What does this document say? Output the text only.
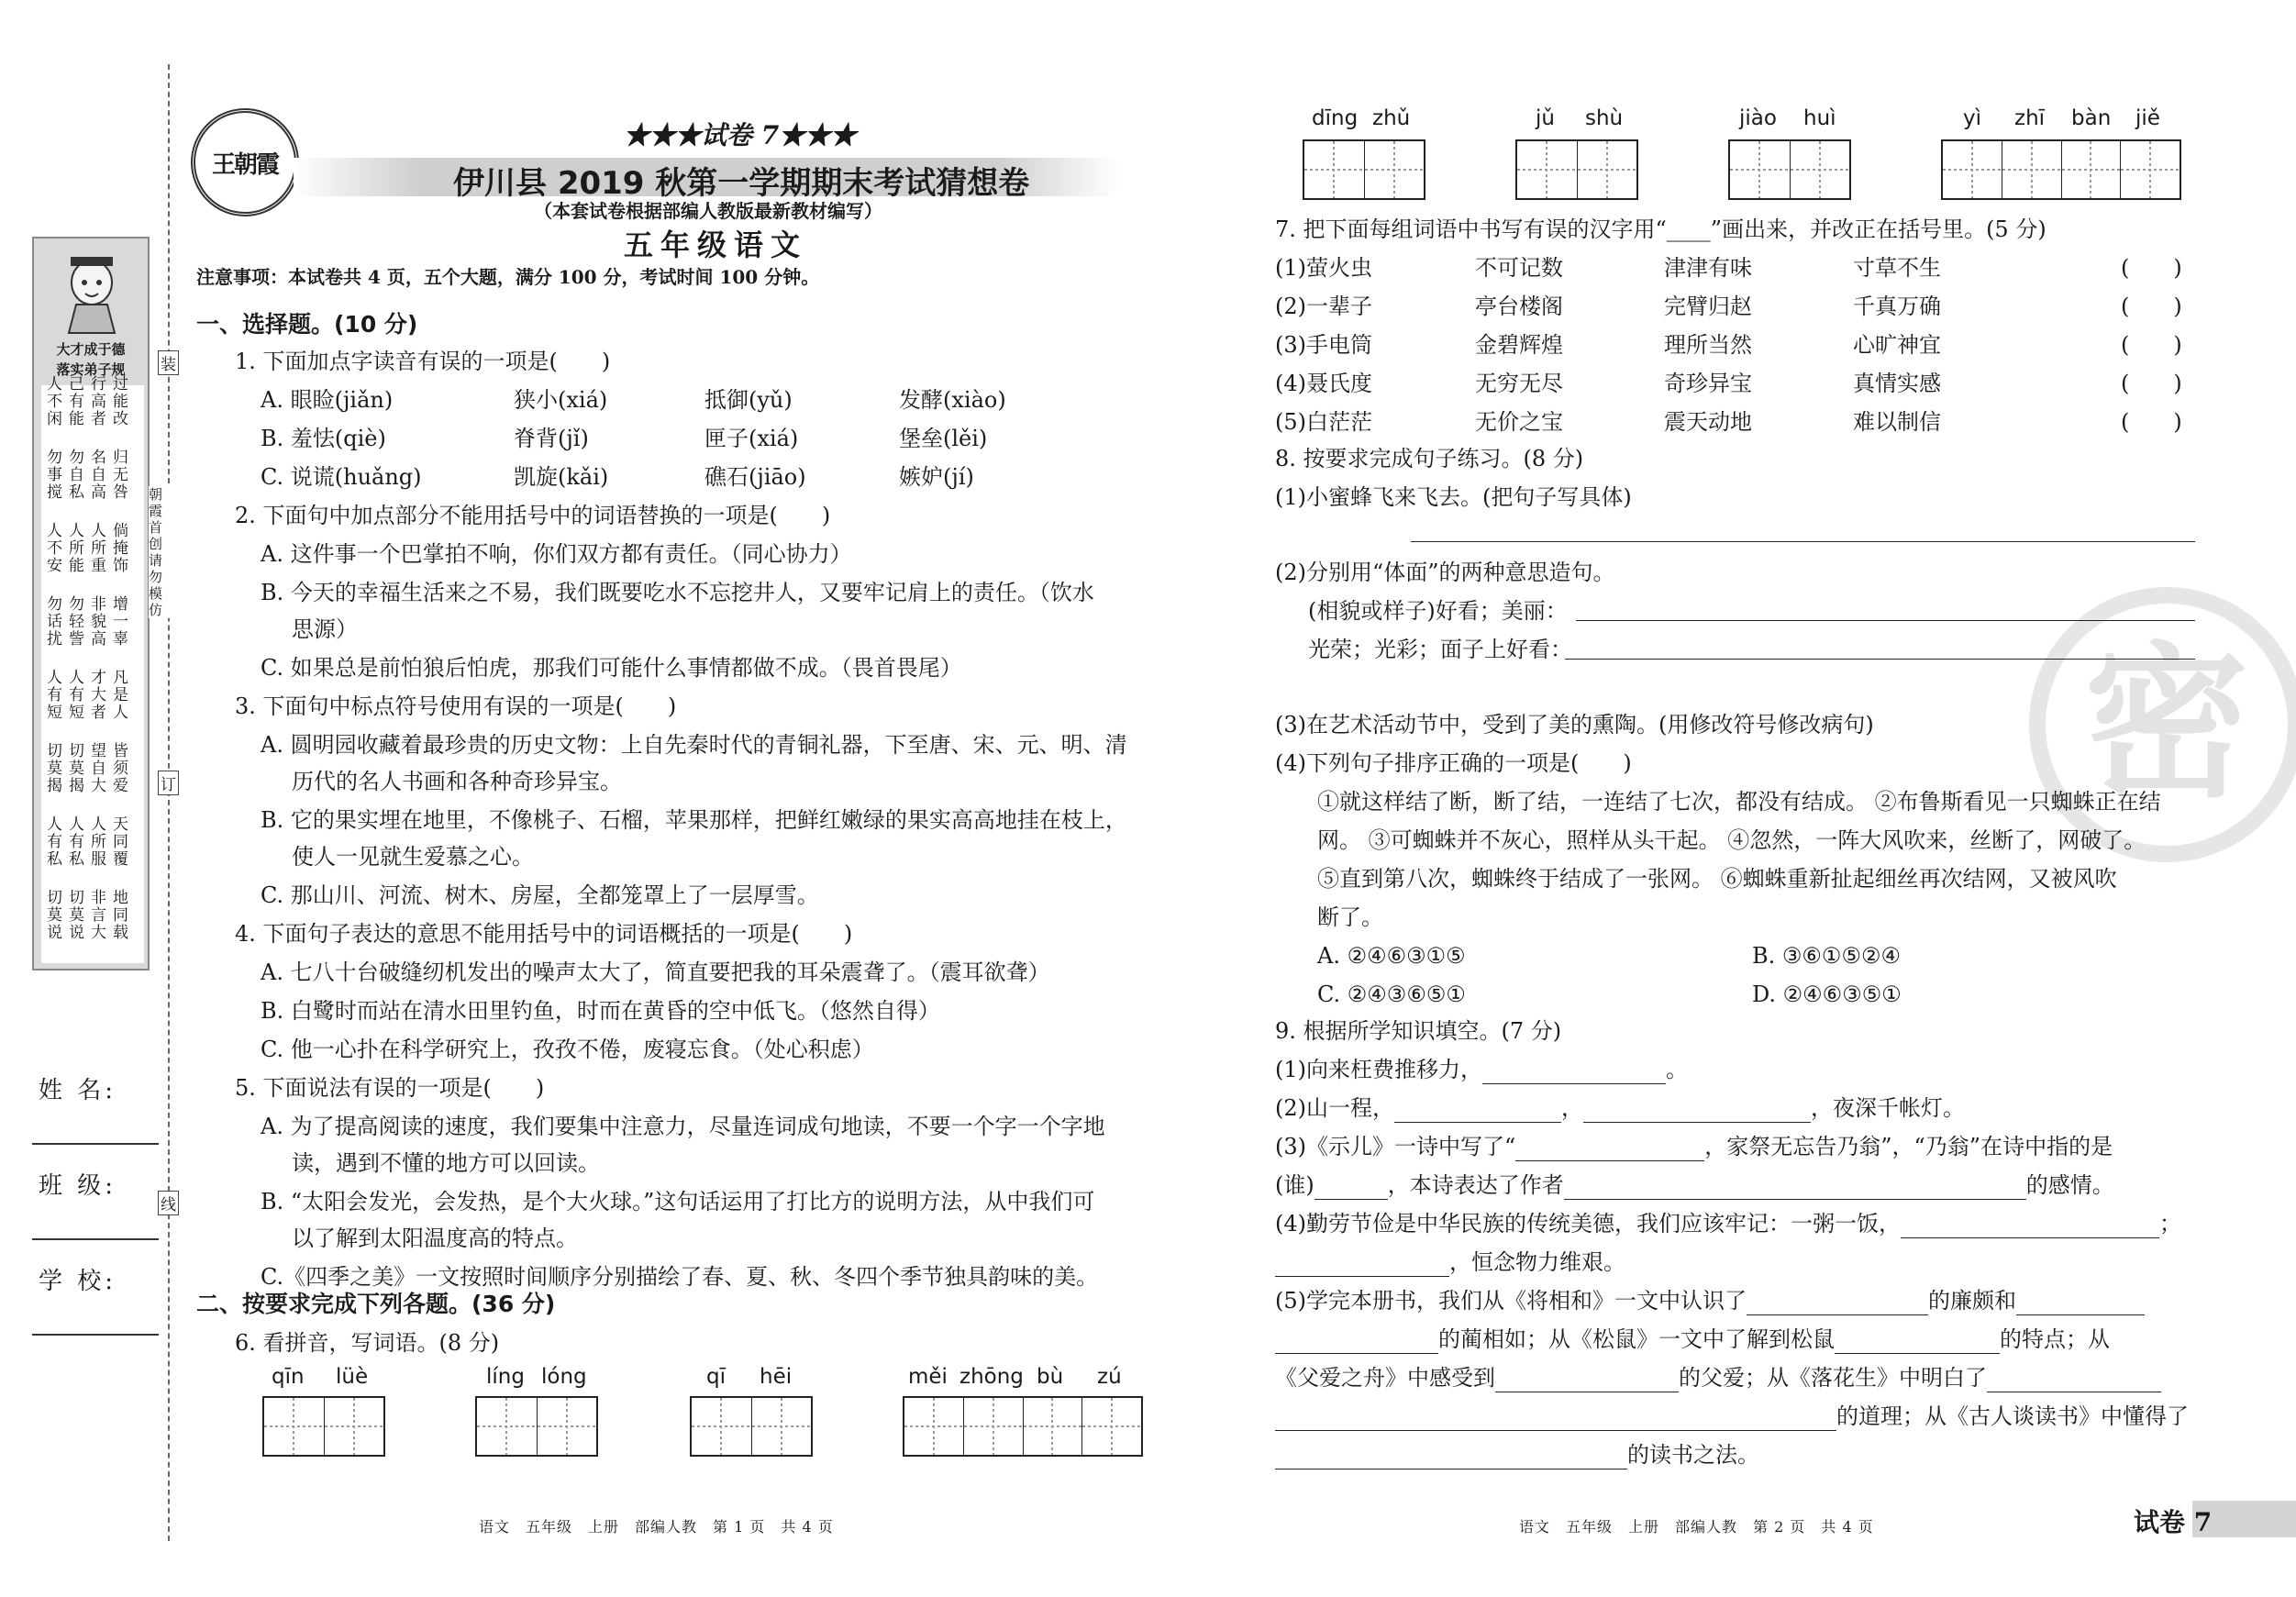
大才成于德
落实弟子规
人不闲
勿事搅
人不安
勿话扰
人有短
切莫揭
人有私
切莫说
己有能
勿自私
人所能
勿轻訾
人有短
切莫揭
人有私
切莫说
行高者
名自高
人所重
非貌高
才大者
望自大
人所服
非言大
过能改
归无咎
倘掩饰
增一辜
凡是人
皆须爱
天同覆
地同载
装
订
线
朝霞首创 请勿模仿
姓 名:
班 级:
学 校:
王朝霞
★★★试卷 7★★★
伊川县 2019 秋第一学期期末考试猜想卷
（本套试卷根据部编人教版最新教材编写）
五年级语文
注意事项：本试卷共 4 页，五个大题，满分 100 分，考试时间 100 分钟。
一、选择题。(10 分)
1. 下面加点字读音有误的一项是(　　)
A. 眼睑(jiǎn)	狭小(xiá)	抵御(yǔ)	发酵(xiào)
B. 羞怯(qiè)	脊背(jǐ)	匣子(xiá)	堡垒(lěi)
C. 说谎(huǎng)	凯旋(kǎi)	礁石(jiāo)	嫉妒(jí)
2. 下面句中加点部分不能用括号中的词语替换的一项是(　　)
A. 这件事一个巴掌拍不响，你们双方都有责任。（同心协力）
B. 今天的幸福生活来之不易，我们既要吃水不忘挖井人，又要牢记肩上的责任。（饮水
思源）
C. 如果总是前怕狼后怕虎，那我们可能什么事情都做不成。（畏首畏尾）
3. 下面句中标点符号使用有误的一项是(　　)
A. 圆明园收藏着最珍贵的历史文物：上自先秦时代的青铜礼器，下至唐、宋、元、明、清
历代的名人书画和各种奇珍异宝。
B. 它的果实埋在地里，不像桃子、石榴，苹果那样，把鲜红嫩绿的果实高高地挂在枝上，
使人一见就生爱慕之心。
C. 那山川、河流、树木、房屋，全都笼罩上了一层厚雪。
4. 下面句子表达的意思不能用括号中的词语概括的一项是(　　)
A. 七八十台破缝纫机发出的噪声太大了，简直要把我的耳朵震聋了。（震耳欲聋）
B. 白鹭时而站在清水田里钓鱼，时而在黄昏的空中低飞。（悠然自得）
C. 他一心扑在科学研究上，孜孜不倦，废寝忘食。（处心积虑）
5. 下面说法有误的一项是(　　)
A. 为了提高阅读的速度，我们要集中注意力，尽量连词成句地读，不要一个字一个字地
读，遇到不懂的地方可以回读。
B. “太阳会发光，会发热，是个大火球。”这句话运用了打比方的说明方法，从中我们可
以了解到太阳温度高的特点。
C.《四季之美》一文按照时间顺序分别描绘了春、夏、秋、冬四个季节独具韵味的美。
二、按要求完成下列各题。(36 分)
6. 看拼音，写词语。(8 分)
qīn lüè	líng lóng	qī hēi	měi zhōng bù zú
语文　五年级　上册　部编人教　第 1 页　共 4 页
dīng zhǔ	jǔ shù	jiào huì	yì zhī bàn jiě
密
7. 把下面每组词语中书写有误的汉字用“____”画出来，并改正在括号里。(5 分)
(1)萤火虫	不可记数	津津有味	寸草不生	(　　)
(2)一辈子	亭台楼阁	完臂归赵	千真万确	(　　)
(3)手电筒	金碧辉煌	理所当然	心旷神宜	(　　)
(4)聂氏度	无穷无尽	奇珍异宝	真情实感	(　　)
(5)白茫茫	无价之宝	震天动地	难以制信	(　　)
8. 按要求完成句子练习。(8 分)
(1)小蜜蜂飞来飞去。(把句子写具体)
(2)分别用“体面”的两种意思造句。
(相貌或样子)好看；美丽：
光荣；光彩；面子上好看：
(3)在艺术活动节中，受到了美的熏陶。(用修改符号修改病句)
(4)下列句子排序正确的一项是(　　)
①就这样结了断，断了结，一连结了七次，都没有结成。 ②布鲁斯看见一只蜘蛛正在结
网。 ③可蜘蛛并不灰心，照样从头干起。 ④忽然，一阵大风吹来，丝断了，网破了。
⑤直到第八次，蜘蛛终于结成了一张网。 ⑥蜘蛛重新扯起细丝再次结网，又被风吹
断了。
A. ②④⑥③①⑤	B. ③⑥①⑤②④
C. ②④③⑥⑤①	D. ②④⑥③⑤①
9. 根据所学知识填空。(7 分)
(1)向来枉费推移力，	。
(2)山一程，	，	，夜深千帐灯。
(3)《示儿》一诗中写了“	，家祭无忘告乃翁”，“乃翁”在诗中指的是
(谁)	，本诗表达了作者	的感情。
(4)勤劳节俭是中华民族的传统美德，我们应该牢记：一粥一饭，	；
，恒念物力维艰。
(5)学完本册书，我们从《将相和》一文中认识了	的廉颇和
的蔺相如；从《松鼠》一文中了解到松鼠	的特点；从
《父爱之舟》中感受到	的父爱；从《落花生》中明白了
的道理；从《古人谈读书》中懂得了
的读书之法。
语文　五年级　上册　部编人教　第 2 页　共 4 页	试卷 7
